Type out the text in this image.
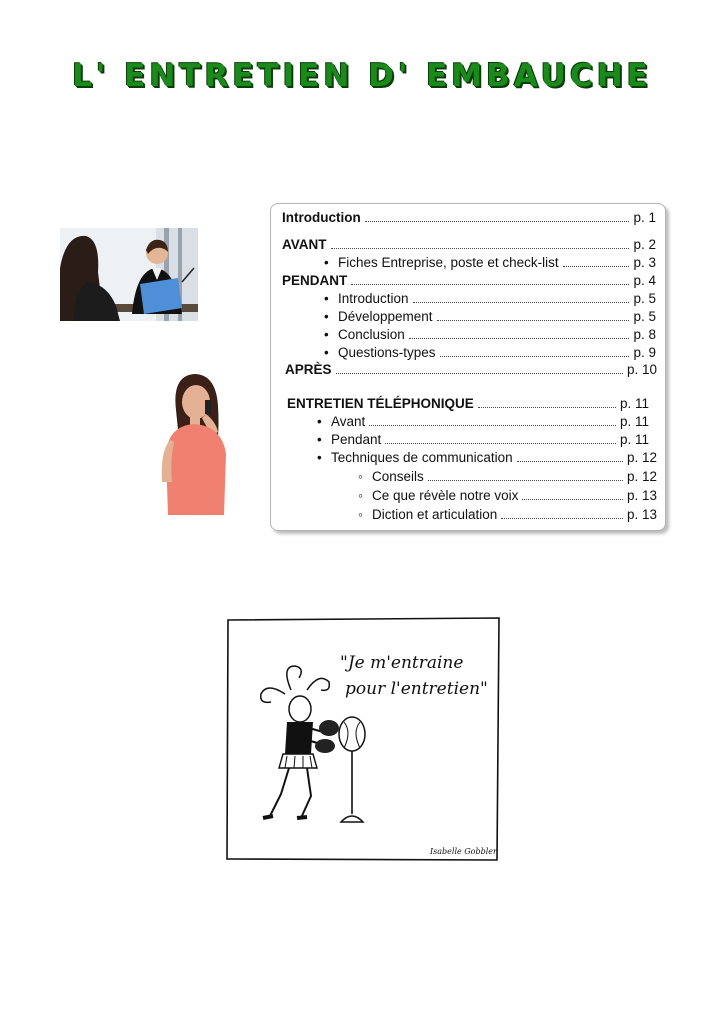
L' ENTRETIEN D' EMBAUCHE
Introduction	p. 1
AVANT	p. 2
• Fiches Entreprise, poste et check-list	p. 3
PENDANT	p. 4
• Introduction	p. 5
• Développement	p. 5
• Conclusion	p. 8
• Questions-types	p. 9
APRÈS	p. 10
ENTRETIEN TÉLÉPHONIQUE	p. 11
• Avant	p. 11
• Pendant	p. 11
• Techniques de communication	p. 12
◦ Conseils	p. 12
◦ Ce que révèle notre voix	p. 13
◦ Diction et articulation	p. 13
"Je m'entraine
pour l'entretien"
Isabelle Gobbler
